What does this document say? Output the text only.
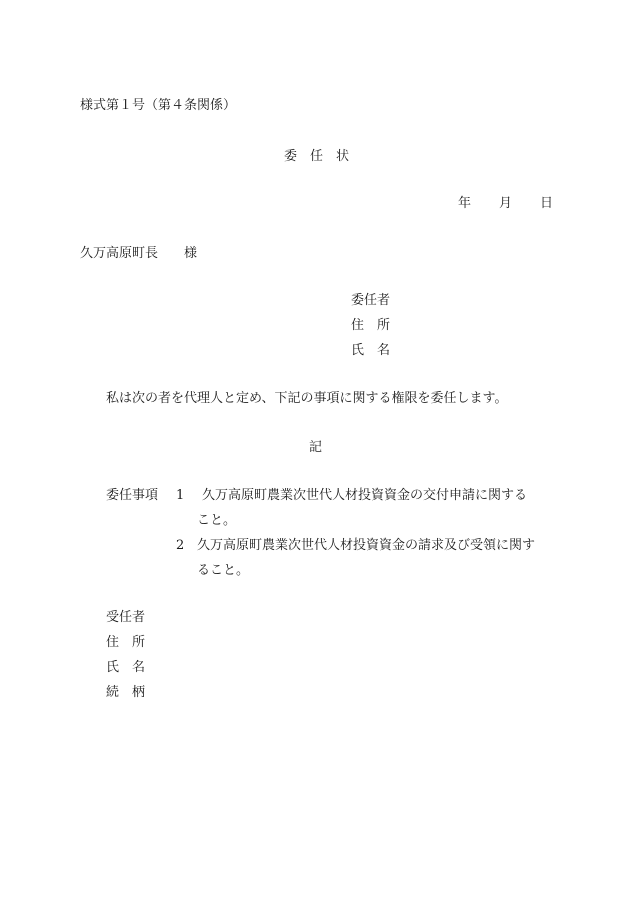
様式第１号（第４条関係）
委　任　状
年 月 日
久万高原町長　　様
委任者
住　所
氏　名
私は次の者を代理人と定め、下記の事項に関する権限を委任します。
記
委任事項 1 久万高原町農業次世代人材投資資金の交付申請に関する
こと。
2 久万高原町農業次世代人材投資資金の請求及び受領に関す
ること。
受任者
住　所
氏　名
続　柄
